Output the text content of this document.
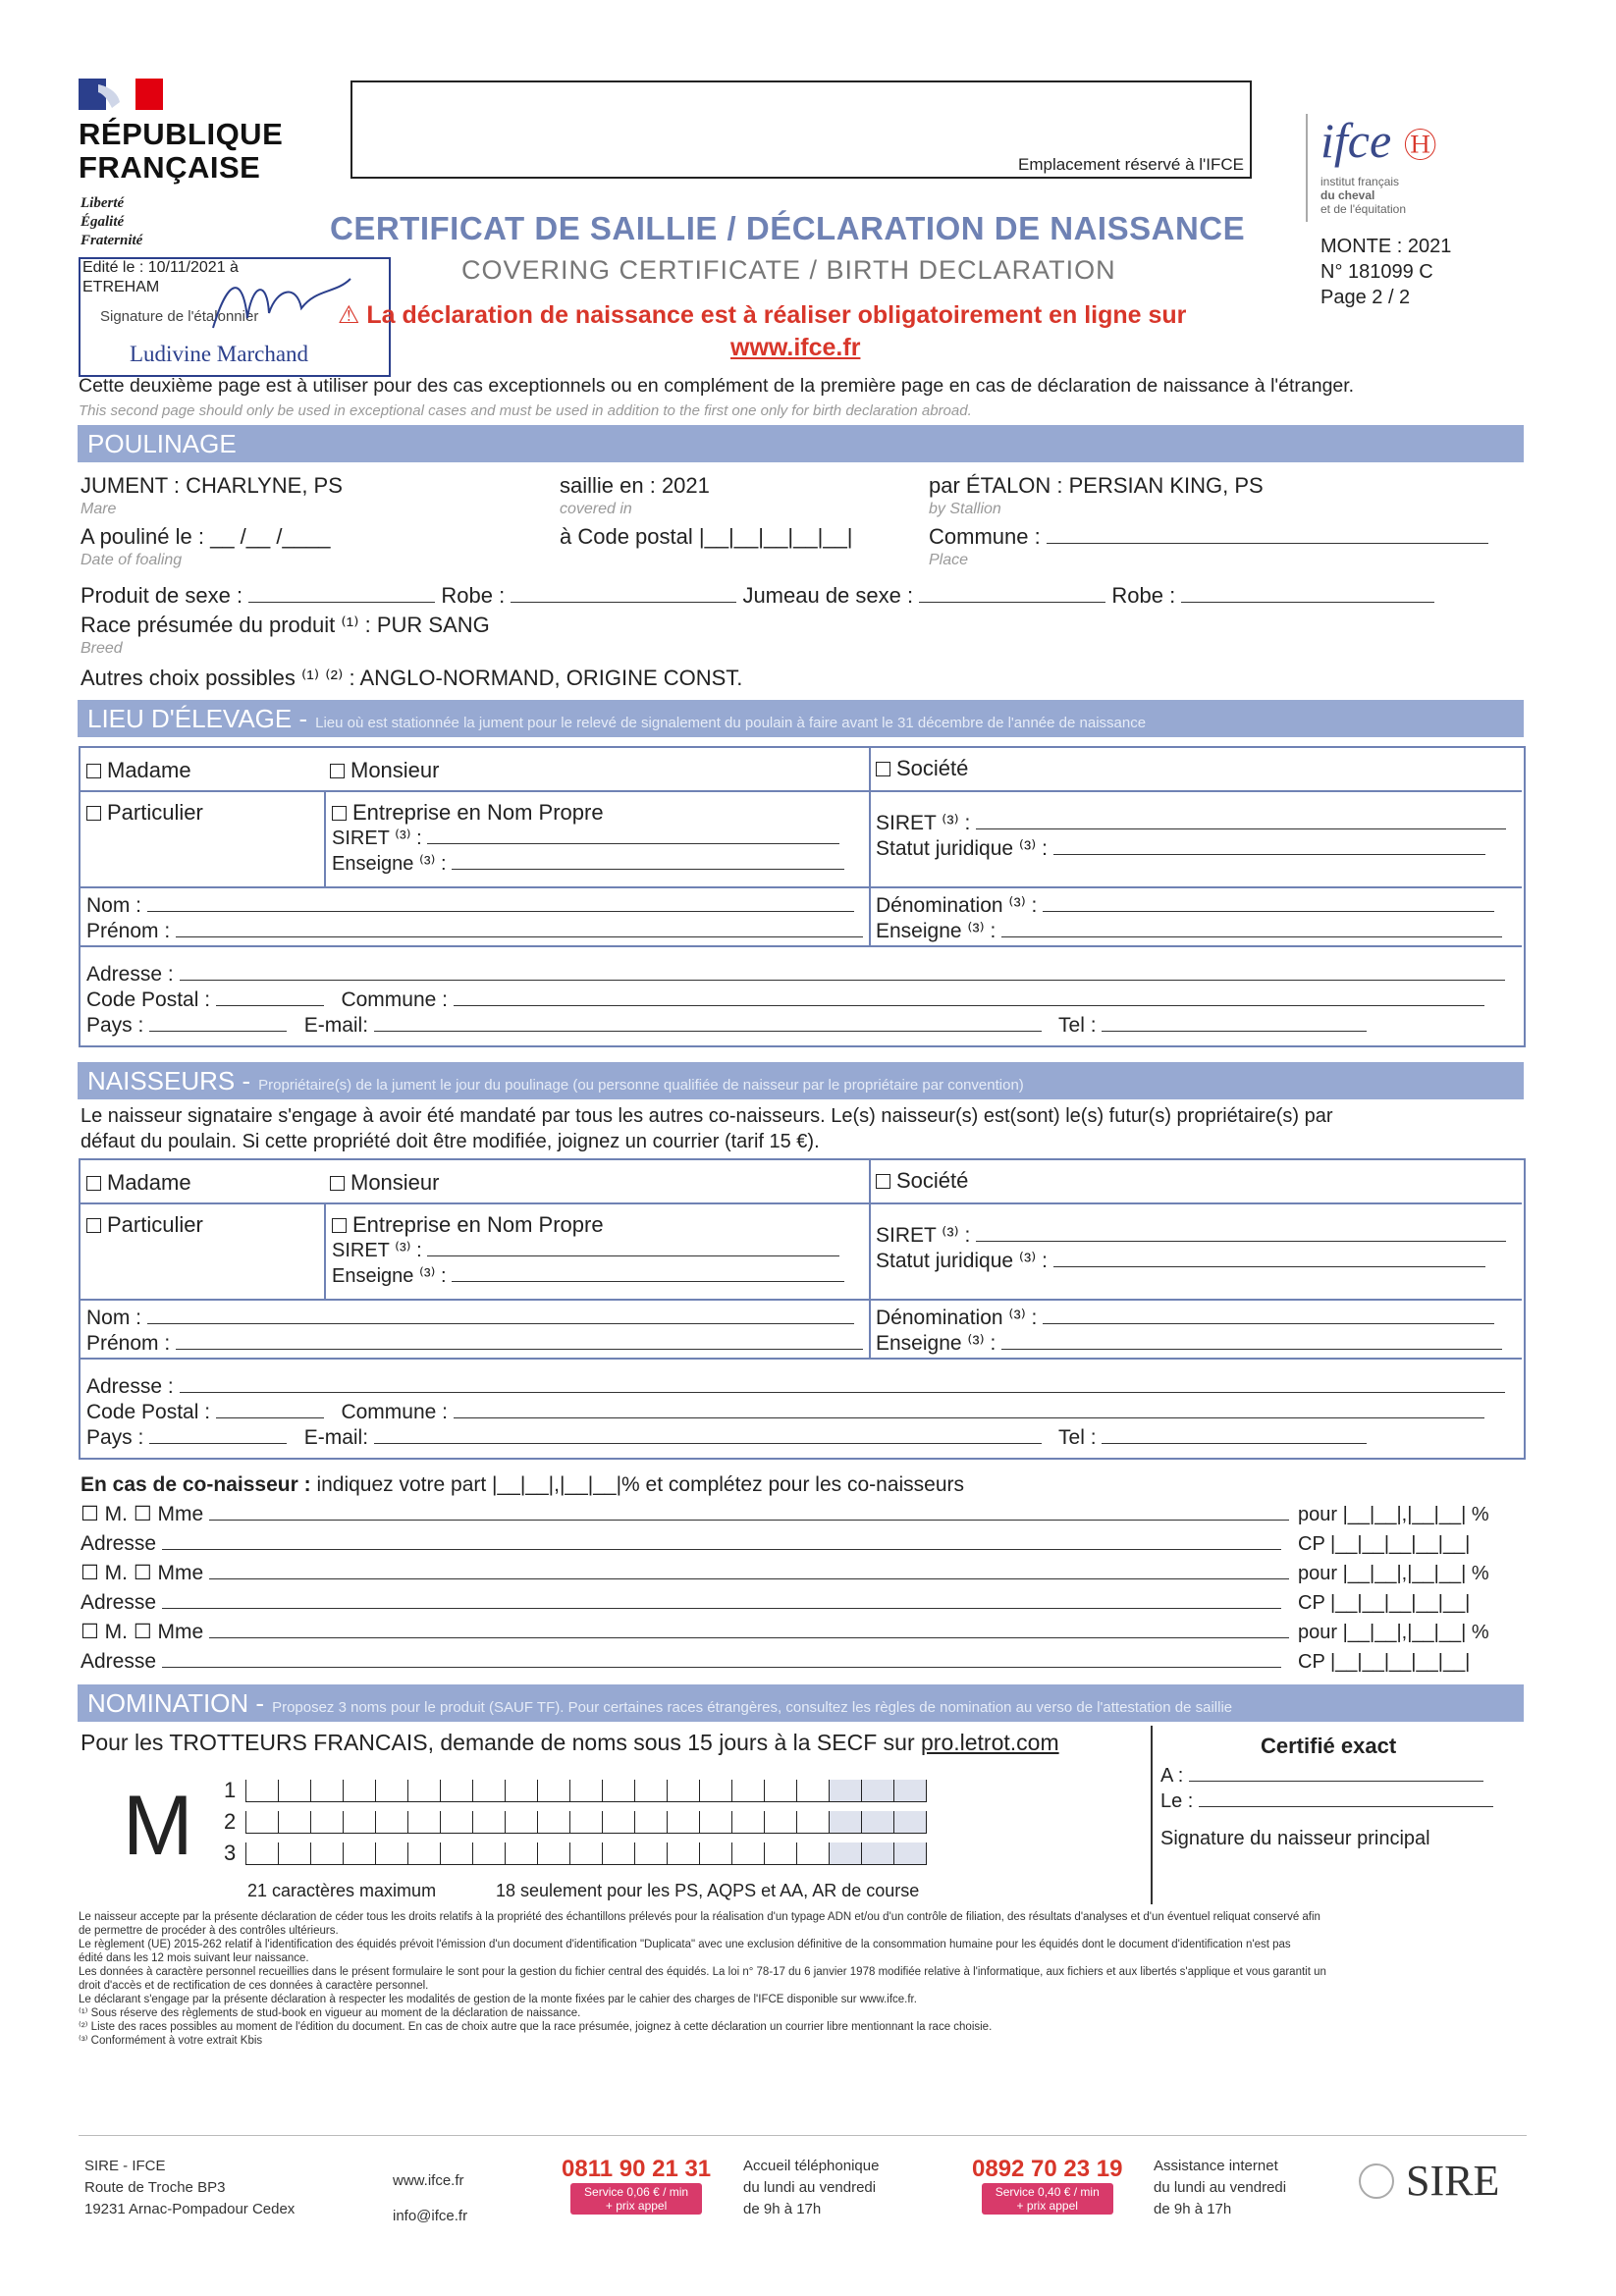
RÉPUBLIQUE
FRANÇAISE
Liberté
Égalité
Fraternité
Emplacement réservé à l'IFCE ifce Ⓗ
institut français
du cheval
et de l'équitation
MONTE : 2021
N° 181099 C
Page 2 / 2
CERTIFICAT DE SAILLIE / DÉCLARATION DE NAISSANCE
COVERING CERTIFICATE / BIRTH DECLARATION
Edité le : 10/11/2021 à
ETREHAM
Signature de l'étalonnier
Ludivine Marchand
⚠ La déclaration de naissance est à réaliser obligatoirement en ligne sur
www.ifce.fr
Cette deuxième page est à utiliser pour des cas exceptionnels ou en complément de la première page en cas de déclaration de naissance à l'étranger.
This second page should only be used in exceptional cases and must be used in addition to the first one only for birth declaration abroad.
POULINAGE
JUMENT : CHARLYNE, PS
Mare
saillie en : 2021
covered in
par ÉTALON : PERSIAN KING, PS
by Stallion
A pouliné le : __ /__ /____
Date of foaling
à Code postal |__|__|__|__|__|	Commune :
Place
Produit de sexe :	Robe :	Jumeau de sexe :	Robe :
Race présumée du produit ⁽¹⁾ : PUR SANG
Breed
Autres choix possibles ⁽¹⁾ ⁽²⁾ : ANGLO-NORMAND, ORIGINE CONST.
LIEU D'ÉLEVAGE - Lieu où est stationnée la jument pour le relevé de signalement du poulain à faire avant le 31 décembre de l'année de naissance
Madame	Monsieur	Société
Particulier	Entreprise en Nom Propre
SIRET ⁽³⁾ :
Enseigne ⁽³⁾ :
SIRET ⁽³⁾ :
Statut juridique ⁽³⁾ :
Nom :
Prénom :
Dénomination ⁽³⁾ :
Enseigne ⁽³⁾ :
Adresse :
Code Postal :	Commune :
Pays :	E-mail:	Tel :
NAISSEURS - Propriétaire(s) de la jument le jour du poulinage (ou personne qualifiée de naisseur par le propriétaire par convention)
Le naisseur signataire s'engage à avoir été mandaté par tous les autres co-naisseurs. Le(s) naisseur(s) est(sont) le(s) futur(s) propriétaire(s) par
défaut du poulain. Si cette propriété doit être modifiée, joignez un courrier (tarif 15 €).
Madame	Monsieur	Société
Particulier	Entreprise en Nom Propre
SIRET ⁽³⁾ :
Enseigne ⁽³⁾ :
SIRET ⁽³⁾ :
Statut juridique ⁽³⁾ :
Nom :
Prénom :
Dénomination ⁽³⁾ :
Enseigne ⁽³⁾ :
Adresse :
Code Postal :	Commune :
Pays :	E-mail:	Tel :
En cas de co-naisseur : indiquez votre part |__|__|,|__|__|% et complétez pour les co-naisseurs
☐ M. ☐ Mme	pour |__|__|,|__|__| %
Adresse	CP |__|__|__|__|__|
☐ M. ☐ Mme	pour |__|__|,|__|__| %
Adresse	CP |__|__|__|__|__|
☐ M. ☐ Mme	pour |__|__|,|__|__| %
Adresse	CP |__|__|__|__|__|
NOMINATION - Proposez 3 noms pour le produit (SAUF TF). Pour certaines races étrangères, consultez les règles de nomination au verso de l'attestation de saillie
Pour les TROTTEURS FRANCAIS, demande de noms sous 15 jours à la SECF sur pro.letrot.com
M 1
2
3
21 caractères maximum	18 seulement pour les PS, AQPS et AA, AR de course
Certifié exact
A :
Le :
Signature du naisseur principal
Le naisseur accepte par la présente déclaration de céder tous les droits relatifs à la propriété des échantillons prélevés pour la réalisation d'un typage ADN et/ou d'un contrôle de filiation, des résultats d'analyses et d'un éventuel reliquat conservé afin
de permettre de procéder à des contrôles ultérieurs.
Le règlement (UE) 2015-262 relatif à l'identification des équidés prévoit l'émission d'un document d'identification "Duplicata" avec une exclusion définitive de la consommation humaine pour les équidés dont le document d'identification n'est pas
édité dans les 12 mois suivant leur naissance.
Les données à caractère personnel recueillies dans le présent formulaire le sont pour la gestion du fichier central des équidés. La loi n° 78-17 du 6 janvier 1978 modifiée relative à l'informatique, aux fichiers et aux libertés s'applique et vous garantit un
droit d'accès et de rectification de ces données à caractère personnel.
Le déclarant s'engage par la présente déclaration à respecter les modalités de gestion de la monte fixées par le cahier des charges de l'IFCE disponible sur www.ifce.fr.
⁽¹⁾ Sous réserve des règlements de stud-book en vigueur au moment de la déclaration de naissance.
⁽²⁾ Liste des races possibles au moment de l'édition du document. En cas de choix autre que la race présumée, joignez à cette déclaration un courrier libre mentionnant la race choisie.
⁽³⁾ Conformément à votre extrait Kbis
SIRE - IFCE
Route de Troche BP3
19231 Arnac-Pompadour Cedex
www.ifce.fr
info@ifce.fr
0811 90 21 31
Service 0,06 € / min
+ prix appel
Accueil téléphonique
du lundi au vendredi
de 9h à 17h
0892 70 23 19
Service 0,40 € / min
+ prix appel
Assistance internet
du lundi au vendredi
de 9h à 17h
SIRE
